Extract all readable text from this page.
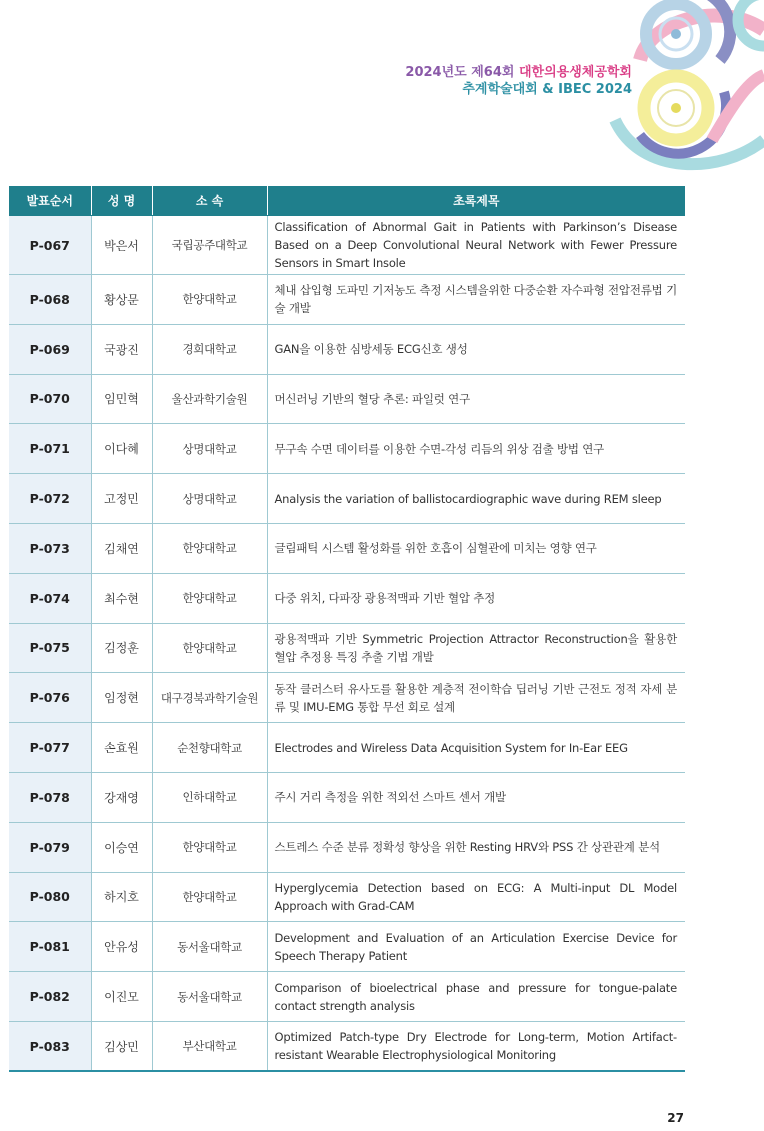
2024년도 제64회 대한의용생체공학회
추계학술대회 & IBEC 2024
발표순서	성 명	소 속	초록제목
P-067	박은서	국립공주대학교	Classification of Abnormal Gait in Patients with Parkinson’s Disease Based on a Deep Convolutional Neural Network with Fewer Pressure Sensors in Smart Insole
P-068	황상문	한양대학교	체내 삽입형 도파민 기저농도 측정 시스템을위한 다중순환 자수파형 전압전류법 기술 개발
P-069	국광진	경희대학교	GAN을 이용한 심방세동 ECG신호 생성
P-070	임민혁	울산과학기술원	머신러닝 기반의 혈당 추론: 파일럿 연구
P-071	이다혜	상명대학교	무구속 수면 데이터를 이용한 수면-각성 리듬의 위상 검출 방법 연구
P-072	고정민	상명대학교	Analysis the variation of ballistocardiographic wave during REM sleep
P-073	김채연	한양대학교	글림패틱 시스템 활성화를 위한 호흡이 심혈관에 미치는 영향 연구
P-074	최수현	한양대학교	다중 위치, 다파장 광용적맥파 기반 혈압 추정
P-075	김정훈	한양대학교	광용적맥파 기반 Symmetric Projection Attractor Reconstruction을 활용한 혈압 추정용 특징 추출 기법 개발
P-076	임정현	대구경북과학기술원	동작 클러스터 유사도를 활용한 계층적 전이학습 딥러닝 기반 근전도 정적 자세 분류 및 IMU-EMG 통합 무선 회로 설계
P-077	손효원	순천향대학교	Electrodes and Wireless Data Acquisition System for In-Ear EEG
P-078	강재영	인하대학교	주시 거리 측정을 위한 적외선 스마트 센서 개발
P-079	이승연	한양대학교	스트레스 수준 분류 정확성 향상을 위한 Resting HRV와 PSS 간 상관관계 분석
P-080	하지호	한양대학교	Hyperglycemia Detection based on ECG: A Multi-input DL Model Approach with Grad-CAM
P-081	안유성	동서울대학교	Development and Evaluation of an Articulation Exercise Device for Speech Therapy Patient
P-082	이진모	동서울대학교	Comparison of bioelectrical phase and pressure for tongue-palate contact strength analysis
P-083	김상민	부산대학교	Optimized Patch-type Dry Electrode for Long-term, Motion Artifact-resistant Wearable Electrophysiological Monitoring
27
